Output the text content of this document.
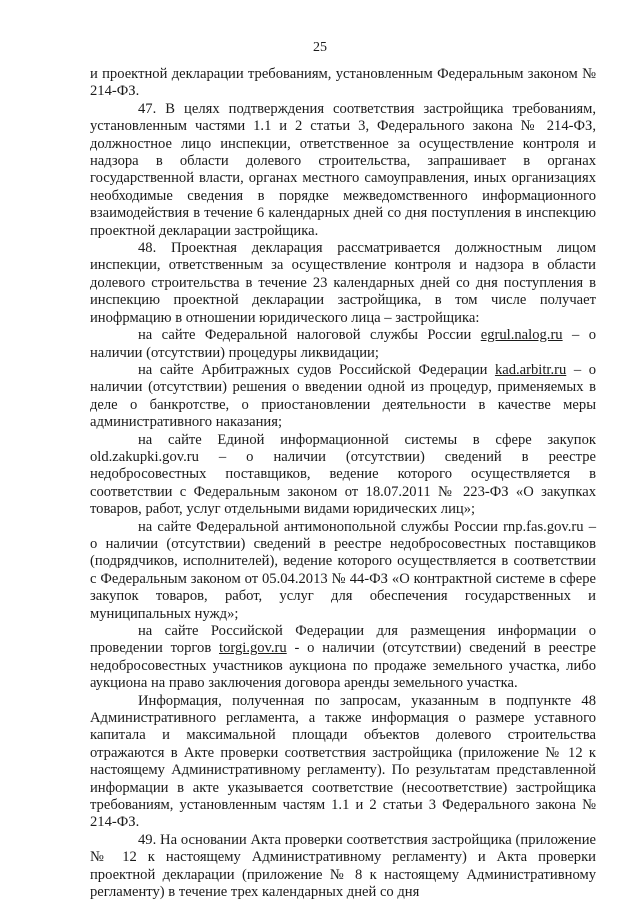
25

и проектной декларации требованиям, установленным Федеральным законом № 214-ФЗ.

47. В целях подтверждения соответствия застройщика требованиям, установленным частями 1.1 и 2 статьи 3, Федерального закона № 214-ФЗ, должностное лицо инспекции, ответственное за осуществление контроля и надзора в области долевого строительства, запрашивает в органах государственной власти, органах местного самоуправления, иных организациях необходимые сведения в порядке межведомственного информационного взаимодействия в течение 6 календарных дней со дня поступления в инспекцию проектной декларации застройщика.

48. Проектная декларация рассматривается должностным лицом инспекции, ответственным за осуществление контроля и надзора в области долевого строительства в течение 23 календарных дней со дня поступления в инспекцию проектной декларации застройщика, в том числе получает инофрмацию в отношении юридического лица – застройщика:

на сайте Федеральной налоговой службы России egrul.nalog.ru – о наличии (отсутствии) процедуры ликвидации;

на сайте Арбитражных судов Российской Федерации kad.arbitr.ru – о наличии (отсутствии) решения о введении одной из процедур, применяемых в деле о банкротстве, о приостановлении деятельности в качестве меры административного наказания;

на сайте Единой информационной системы в сфере закупок old.zakupki.gov.ru – о наличии (отсутствии) сведений в реестре недобросовестных поставщиков, ведение которого осуществляется в соответствии с Федеральным законом от 18.07.2011 № 223-ФЗ «О закупках товаров, работ, услуг отдельными видами юридических лиц»;

на сайте Федеральной антимонопольной службы России rnp.fas.gov.ru – о наличии (отсутствии) сведений в реестре недобросовестных поставщиков (подрядчиков, исполнителей), ведение которого осуществляется в соответствии с Федеральным законом от 05.04.2013 № 44-ФЗ «О контрактной системе в сфере закупок товаров, работ, услуг для обеспечения государственных и муниципальных нужд»;

на сайте Российской Федерации для размещения информации о проведении торгов torgi.gov.ru - о наличии (отсутствии) сведений в реестре недобросовестных участников аукциона по продаже земельного участка, либо аукциона на право заключения договора аренды земельного участка.

Информация, полученная по запросам, указанным в подпункте 48 Административного регламента, а также информация о размере уставного капитала и максимальной площади объектов долевого строительства отражаются в Акте проверки соответствия застройщика (приложение № 12 к настоящему Административному регламенту). По результатам представленной информации в акте указывается соответствие (несоответствие) застройщика требованиям, установленным частям 1.1 и 2 статьи 3 Федерального закона № 214-ФЗ.

49. На основании Акта проверки соответствия застройщика (приложение № 12 к настоящему Административному регламенту) и Акта проверки проектной декларации (приложение № 8 к настоящему Административному регламенту) в течение трех календарных дней со дня
